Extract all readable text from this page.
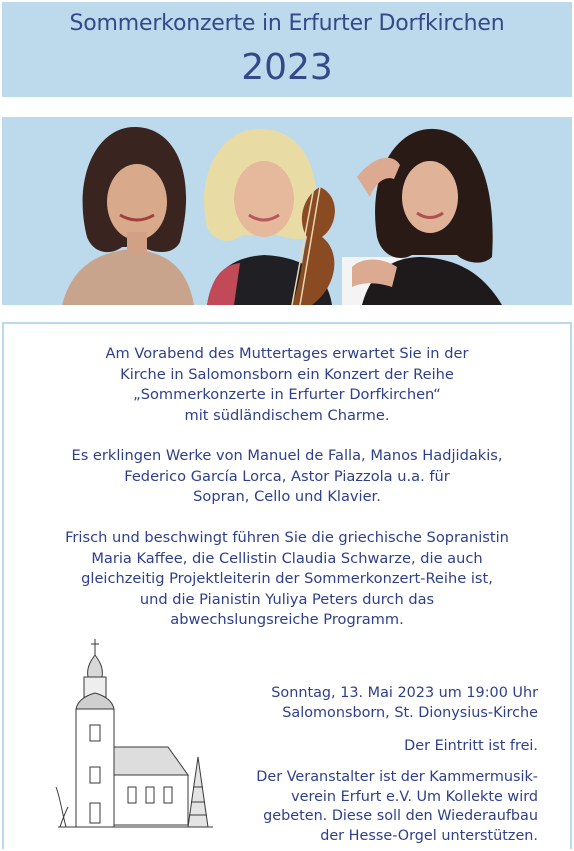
Sommerkonzerte in Erfurter Dorfkirchen
2023
Am Vorabend des Muttertages erwartet Sie in der
Kirche in Salomonsborn ein Konzert der Reihe
„Sommerkonzerte in Erfurter Dorfkirchen“
mit südländischem Charme.
Es erklingen Werke von Manuel de Falla, Manos Hadjidakis,
Federico García Lorca, Astor Piazzola u.a. für
Sopran, Cello und Klavier.
Frisch und beschwingt führen Sie die griechische Sopranistin
Maria Kaffee, die Cellistin Claudia Schwarze, die auch
gleichzeitig Projektleiterin der Sommerkonzert-Reihe ist,
und die Pianistin Yuliya Peters durch das
abwechslungsreiche Programm.
Sonntag, 13. Mai 2023 um 19:00 Uhr
Salomonsborn, St. Dionysius-Kirche
Der Eintritt ist frei.
Der Veranstalter ist der Kammermusik-
verein Erfurt e.V. Um Kollekte wird
gebeten. Diese soll den Wiederaufbau
der Hesse-Orgel unterstützen.
